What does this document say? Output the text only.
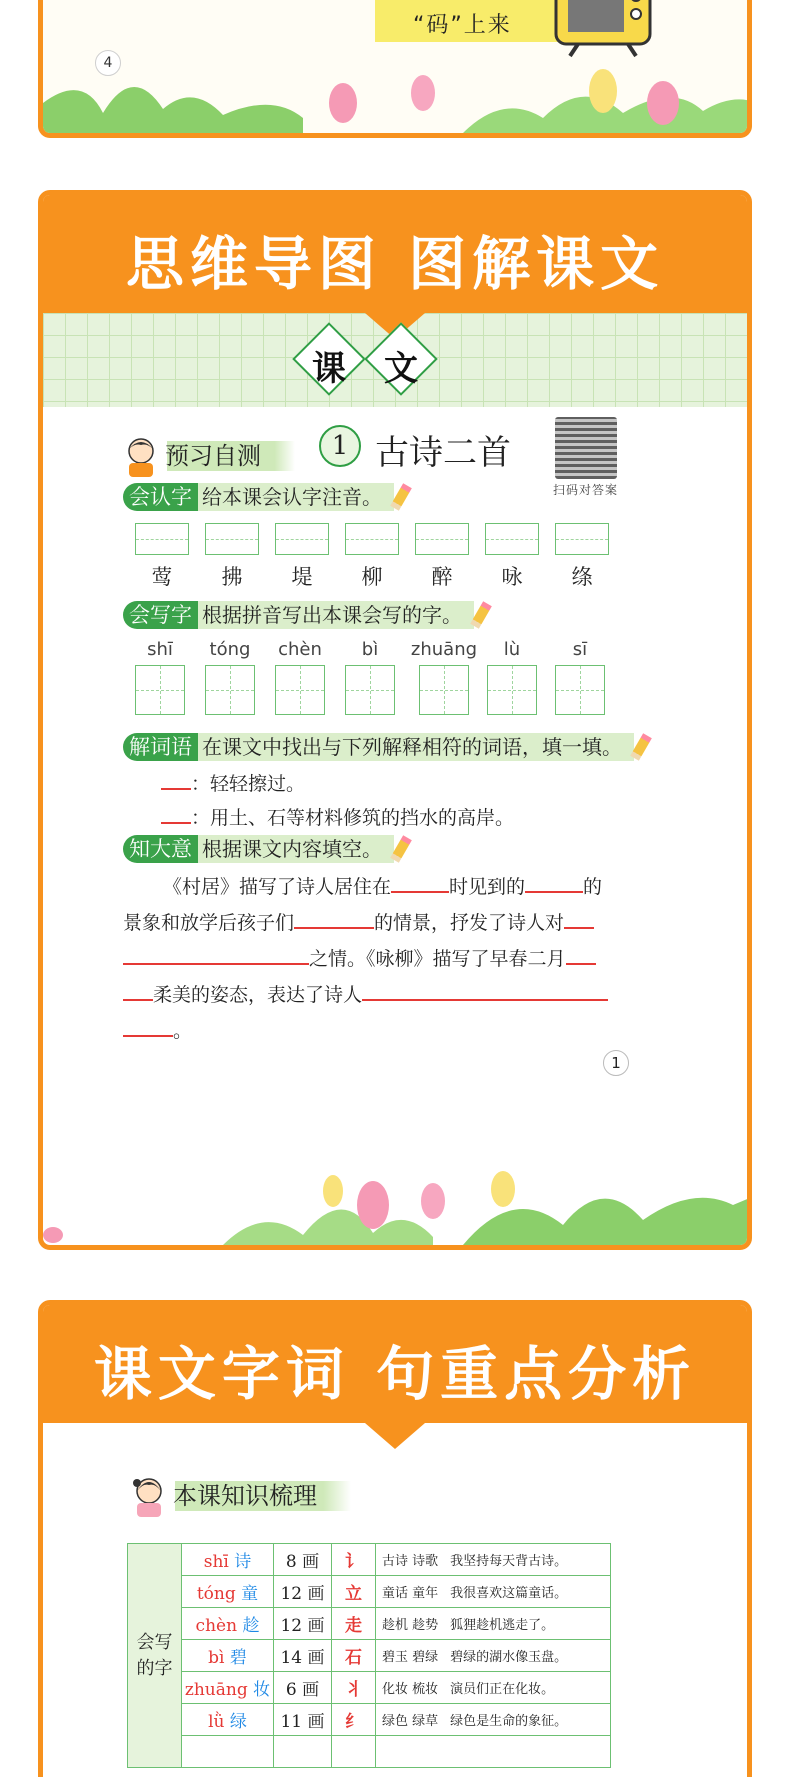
“码”上来
4
思维导图 图解课文
课	文
1 古诗二首
扫码对答案
预习自测
会认字 给本课会认字注音。
会写字 根据拼音写出本课会写的字。
解词语 在课文中找出与下列解释相符的词语，填一填。
：轻轻擦过。
：用土、石等材料修筑的挡水的高岸。
知大意 根据课文内容填空。
《村居》描写了诗人居住在	时见到的	的
景象和放学后孩子们	的情景，抒发了诗人对
之情。《咏柳》描写了早春二月
柔美的姿态，表达了诗人
。
1
莺	拂	堤	柳	醉	咏	绦
shī	tóng	chèn	bì	zhuāng	lù	sī
课文字词 句重点分析
本课知识梳理
会写的字	shī 诗	8 画	讠	古诗 诗歌 我坚持每天背古诗。
	tóng 童	12 画	立	童话 童年 我很喜欢这篇童话。
	chèn 趁	12 画	走	趁机 趁势 狐狸趁机逃走了。
	bì 碧	14 画	石	碧玉 碧绿 碧绿的湖水像玉盘。
	zhuāng 妆	6 画	丬	化妆 梳妆 演员们正在化妆。
	lǜ 绿	11 画	纟	绿色 绿草 绿色是生命的象征。
